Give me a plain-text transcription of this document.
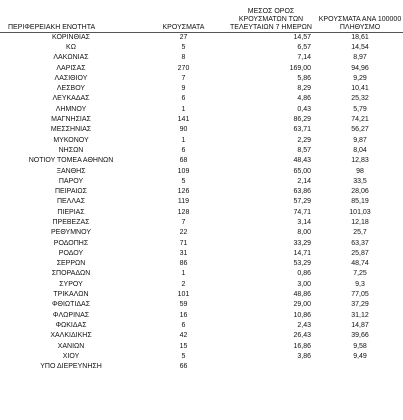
ΠΕΡΙΦΕΡΕΙΑΚΗ ΕΝΟΤΗΤΑ	ΚΡΟΥΣΜΑΤΑ	ΜΕΣΟΣ ΟΡΟΣ ΚΡΟΥΣΜΑΤΩΝ ΤΩΝ ΤΕΛΕΥΤΑΙΩΝ 7 ΗΜΕΡΩΝ	ΚΡΟΥΣΜΑΤΑ ΑΝΑ 100000 ΠΛΗΘΥΣΜΟ
ΚΟΡΙΝΘΙΑΣ	27	14,57	18,61
ΚΩ	5	6,57	14,54
ΛΑΚΩΝΙΑΣ	8	7,14	8,97
ΛΑΡΙΣΑΣ	270	169,00	94,96
ΛΑΣΙΘΙΟΥ	7	5,86	9,29
ΛΕΣΒΟΥ	9	8,29	10,41
ΛΕΥΚΑΔΑΣ	6	4,86	25,32
ΛΗΜΝΟΥ	1	0,43	5,79
ΜΑΓΝΗΣΙΑΣ	141	86,29	74,21
ΜΕΣΣΗΝΙΑΣ	90	63,71	56,27
ΜΥΚΟΝΟΥ	1	2,29	9,87
ΝΗΣΩΝ	6	8,57	8,04
ΝΟΤΙΟΥ ΤΟΜΕΑ ΑΘΗΝΩΝ	68	48,43	12,83
ΞΑΝΘΗΣ	109	65,00	98
ΠΑΡΟΥ	5	2,14	33,5
ΠΕΙΡΑΙΩΣ	126	63,86	28,06
ΠΕΛΛΑΣ	119	57,29	85,19
ΠΙΕΡΙΑΣ	128	74,71	101,03
ΠΡΕΒΕΖΑΣ	7	3,14	12,18
ΡΕΘΥΜΝΟΥ	22	8,00	25,7
ΡΟΔΟΠΗΣ	71	33,29	63,37
ΡΟΔΟΥ	31	14,71	25,87
ΣΕΡΡΩΝ	86	53,29	48,74
ΣΠΟΡΑΔΩΝ	1	0,86	7,25
ΣΥΡΟΥ	2	3,00	9,3
ΤΡΙΚΑΛΩΝ	101	48,86	77,05
ΦΘΙΩΤΙΔΑΣ	59	29,00	37,29
ΦΛΩΡΙΝΑΣ	16	10,86	31,12
ΦΩΚΙΔΑΣ	6	2,43	14,87
ΧΑΛΚΙΔΙΚΗΣ	42	26,43	39,66
ΧΑΝΙΩΝ	15	16,86	9,58
ΧΙΟΥ	5	3,86	9,49
ΥΠΟ ΔΙΕΡΕΥΝΗΣΗ	66		
